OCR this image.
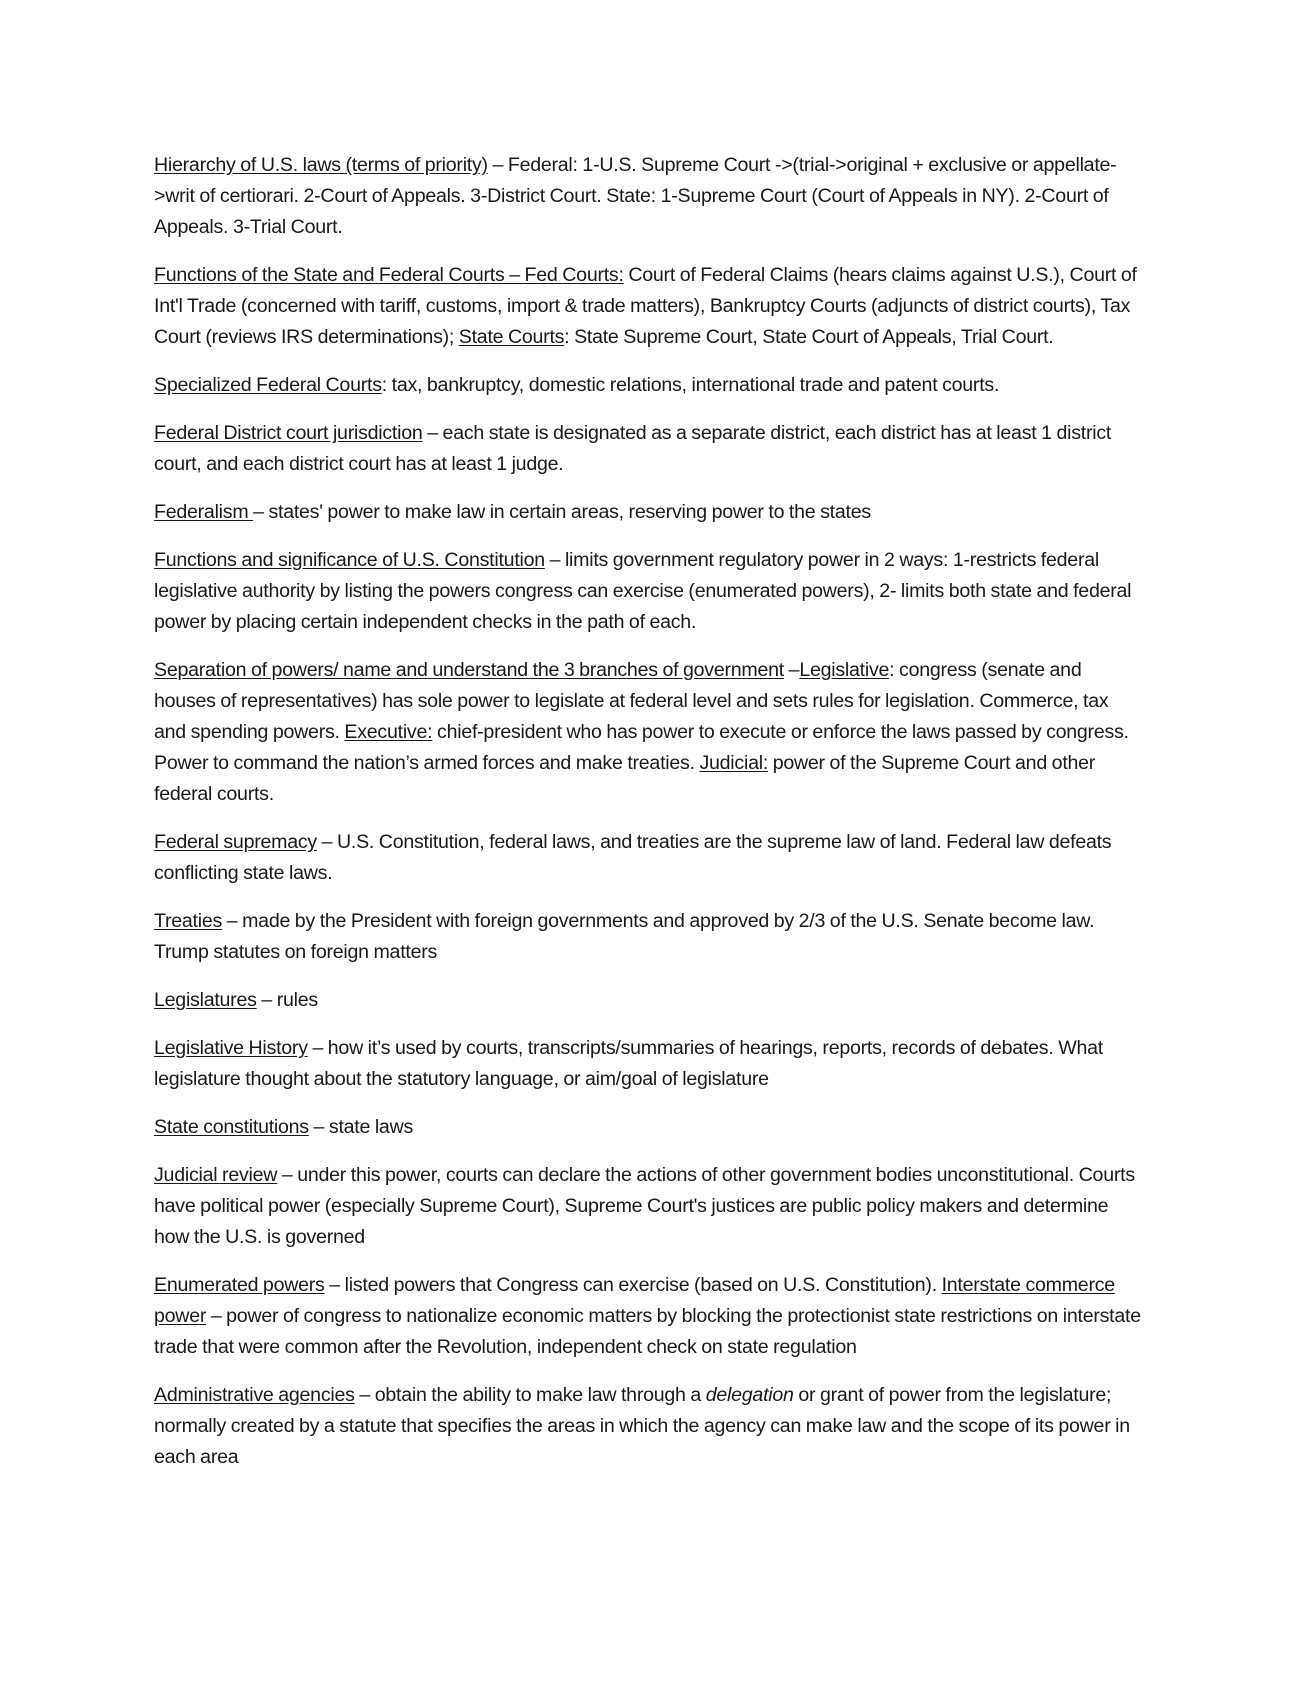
Hierarchy of U.S. laws (terms of priority) – Federal: 1-U.S. Supreme Court ->(trial->original + exclusive or appellate->writ of certiorari. 2-Court of Appeals. 3-District Court. State: 1-Supreme Court (Court of Appeals in NY). 2-Court of Appeals. 3-Trial Court.

Functions of the State and Federal Courts – Fed Courts: Court of Federal Claims (hears claims against U.S.), Court of Int'l Trade (concerned with tariff, customs, import & trade matters), Bankruptcy Courts (adjuncts of district courts), Tax Court (reviews IRS determinations); State Courts: State Supreme Court, State Court of Appeals, Trial Court.

Specialized Federal Courts: tax, bankruptcy, domestic relations, international trade and patent courts.

Federal District court jurisdiction – each state is designated as a separate district, each district has at least 1 district court, and each district court has at least 1 judge.

Federalism – states' power to make law in certain areas, reserving power to the states

Functions and significance of U.S. Constitution – limits government regulatory power in 2 ways: 1-restricts federal legislative authority by listing the powers congress can exercise (enumerated powers), 2- limits both state and federal power by placing certain independent checks in the path of each.

Separation of powers/ name and understand the 3 branches of government –Legislative: congress (senate and houses of representatives) has sole power to legislate at federal level and sets rules for legislation. Commerce, tax and spending powers. Executive: chief-president who has power to execute or enforce the laws passed by congress. Power to command the nation’s armed forces and make treaties. Judicial: power of the Supreme Court and other federal courts.

Federal supremacy – U.S. Constitution, federal laws, and treaties are the supreme law of land. Federal law defeats conflicting state laws.

Treaties – made by the President with foreign governments and approved by 2/3 of the U.S. Senate become law. Trump statutes on foreign matters

Legislatures – rules

Legislative History – how it’s used by courts, transcripts/summaries of hearings, reports, records of debates. What legislature thought about the statutory language, or aim/goal of legislature

State constitutions – state laws

Judicial review – under this power, courts can declare the actions of other government bodies unconstitutional. Courts have political power (especially Supreme Court), Supreme Court's justices are public policy makers and determine how the U.S. is governed

Enumerated powers – listed powers that Congress can exercise (based on U.S. Constitution). Interstate commerce power – power of congress to nationalize economic matters by blocking the protectionist state restrictions on interstate trade that were common after the Revolution, independent check on state regulation

Administrative agencies – obtain the ability to make law through a delegation or grant of power from the legislature; normally created by a statute that specifies the areas in which the agency can make law and the scope of its power in each area
